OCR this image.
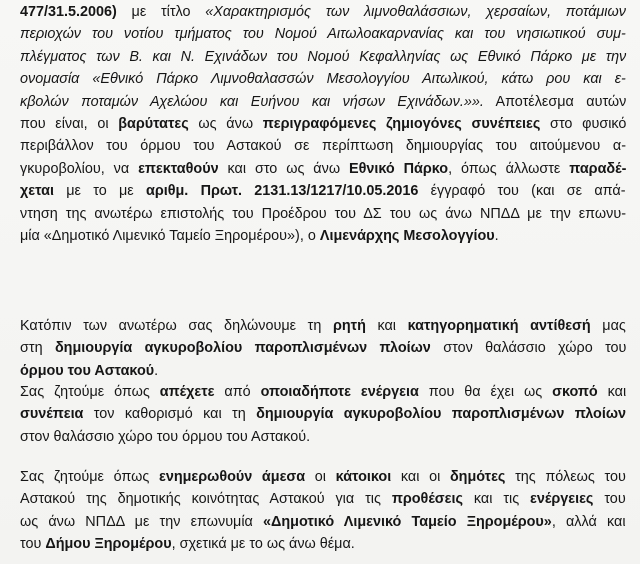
477/31.5.2006) με τίτλο «Χαρακτηρισμός των λιμνοθαλάσσιων, χερσαίων, ποτάμιων
περιοχών του νοτίου τμήματος του Νομού Αιτωλοακαρνανίας και του νησιωτικού συμ-
πλέγματος των Β. και Ν. Εχινάδων του Νομού Κεφαλληνίας ως Εθνικό Πάρκο με την
ονομασία «Εθνικό Πάρκο Λιμνοθαλασσών Μεσολογγίου Αιτωλικού, κάτω ρου και ε-
κβολών ποταμών Αχελώου και Ευήνου και νήσων Εχινάδων.»». Αποτέλεσμα αυτών
που είναι, οι βαρύτατες ως άνω περιγραφόμενες ζημιογόνες συνέπειες στο φυσικό
περιβάλλον του όρμου του Αστακού σε περίπτωση δημιουργίας του αιτούμενου α-
γκυροβολίου, να επεκταθούν και στο ως άνω Εθνικό Πάρκο, όπως άλλωστε παραδέ-
χεται με το με αριθμ. Πρωτ. 2131.13/1217/10.05.2016 έγγραφό του (και σε απά-
ντηση της ανωτέρω επιστολής του Προέδρου του ΔΣ του ως άνω ΝΠΔΔ με την επωνυ-
μία «Δημοτικό Λιμενικό Ταμείο Ξηρομέρου»), ο Λιμενάρχης Μεσολογγίου.
Κατόπιν των ανωτέρω σας δηλώνουμε τη ρητή και κατηγορηματική αντίθεσή μας
στη δημιουργία αγκυροβολίου παροπλισμένων πλοίων στον θαλάσσιο χώρο του
όρμου του Αστακού.
Σας ζητούμε όπως απέχετε από οποιαδήποτε ενέργεια που θα έχει ως σκοπό και
συνέπεια τον καθορισμό και τη δημιουργία αγκυροβολίου παροπλισμένων πλοίων
στον θαλάσσιο χώρο του όρμου του Αστακού.
Σας ζητούμε όπως ενημερωθούν άμεσα οι κάτοικοι και οι δημότες της πόλεως του
Αστακού της δημοτικής κοινότητας Αστακού για τις προθέσεις και τις ενέργειες του
ως άνω ΝΠΔΔ με την επωνυμία «Δημοτικό Λιμενικό Ταμείο Ξηρομέρου», αλλά και
του Δήμου Ξηρομέρου, σχετικά με το ως άνω θέμα.
